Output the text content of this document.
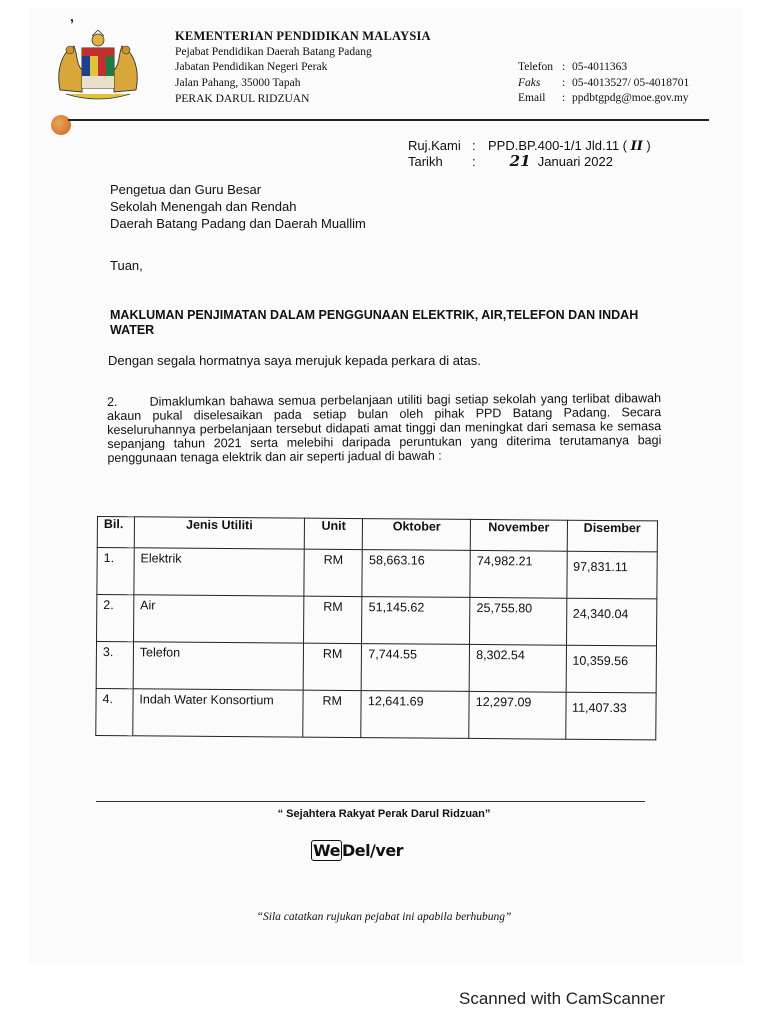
‚
KEMENTERIAN PENDIDIKAN MALAYSIA
Pejabat Pendidikan Daerah Batang Padang
Jabatan Pendidikan Negeri Perak
Jalan Pahang, 35000 Tapah
PERAK DARUL RIDZUAN
Telefon : 05-4011363
Faks : 05-4013527/ 05-4018701
Email : ppdbtgpdg@moe.gov.my
Ruj.Kami : PPD.BP.400-1/1 Jld.11 ( II )
Tarikh : 21 Januari 2022
Pengetua dan Guru Besar
Sekolah Menengah dan Rendah
Daerah Batang Padang dan Daerah Muallim
Tuan,
MAKLUMAN PENJIMATAN DALAM PENGGUNAAN ELEKTRIK, AIR,TELEFON DAN INDAH WATER
Dengan segala hormatnya saya merujuk kepada perkara di atas.
2.	Dimaklumkan bahawa semua perbelanjaan utiliti bagi setiap sekolah yang terlibat dibawah akaun pukal diselesaikan pada setiap bulan oleh pihak PPD Batang Padang. Secara keseluruhannya perbelanjaan tersebut didapati amat tinggi dan meningkat dari semasa ke semasa sepanjang tahun 2021 serta melebihi daripada peruntukan yang diterima terutamanya bagi penggunaan tenaga elektrik dan air seperti jadual di bawah :
Bil.	Jenis Utiliti	Unit	Oktober	November	Disember
1.	Elektrik	RM	58,663.16	74,982.21	97,831.11
2.	Air	RM	51,145.62	25,755.80	24,340.04
3.	Telefon	RM	7,744.55	8,302.54	10,359.56
4.	Indah Water Konsortium	RM	12,641.69	12,297.09	11,407.33
“ Sejahtera Rakyat Perak Darul Ridzuan”
We Del/ver
“Sila catatkan rujukan pejabat ini apabila berhubung”
Scanned with CamScanner
